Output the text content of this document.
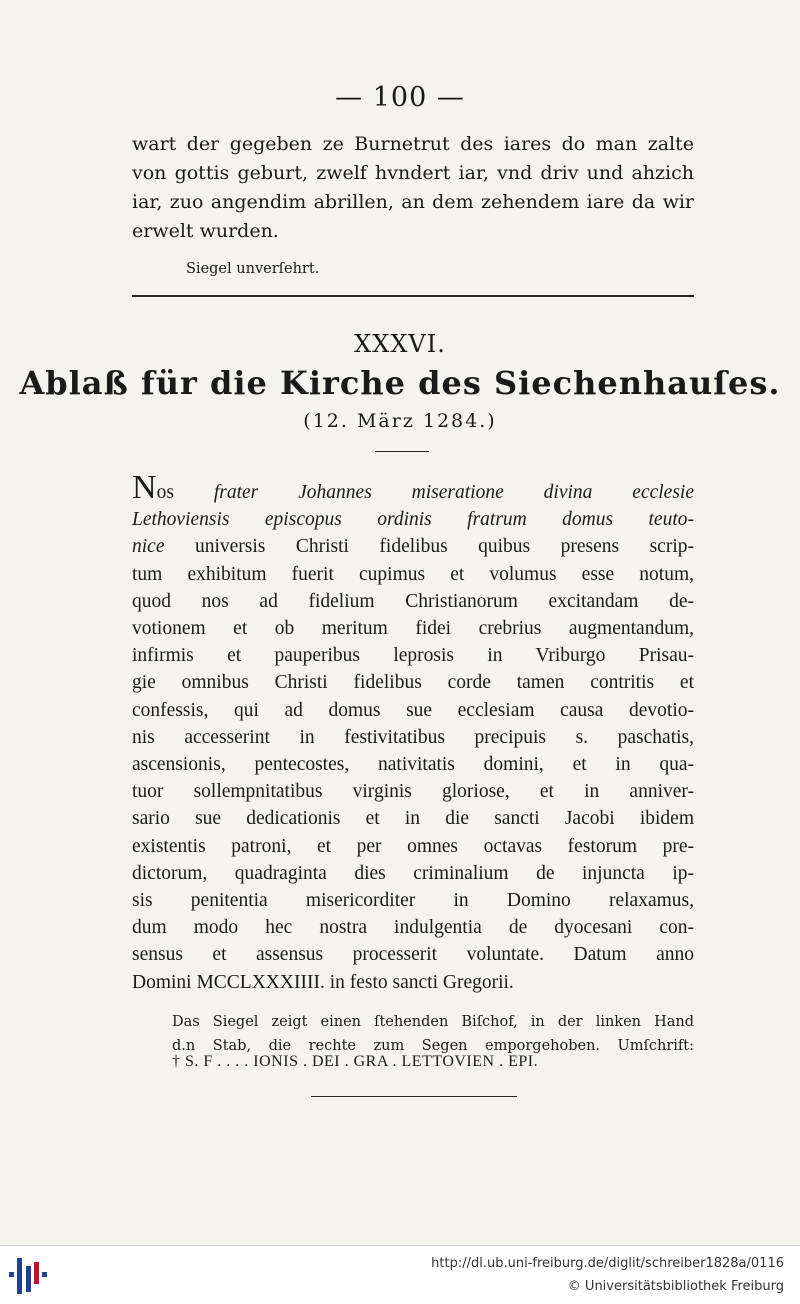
— 100 —
wart der gegeben ze Burnetrut des iares do man zalte
von gottis geburt, zwelf hvndert iar, vnd driv und ahzich
iar, zuo angendim abrillen, an dem zehendem iare da wir
erwelt wurden.
Siegel unverſehrt.
XXXVI.
Ablaß für die Kirche des Siechenhauſes.
(12. März 1284.)
Nos frater Johannes miseratione divina ecclesie
Lethoviensis episcopus ordinis fratrum domus teuto-
nice universis Christi fidelibus quibus presens scrip-
tum exhibitum fuerit cupimus et volumus esse notum,
quod nos ad fidelium Christianorum excitandam de-
votionem et ob meritum fidei crebrius augmentandum,
infirmis et pauperibus leprosis in Vriburgo Prisau-
gie omnibus Christi fidelibus corde tamen contritis et
confessis, qui ad domus sue ecclesiam causa devotio-
nis accesserint in festivitatibus precipuis s. paschatis,
ascensionis, pentecostes, nativitatis domini, et in qua-
tuor sollempnitatibus virginis gloriose, et in anniver-
sario sue dedicationis et in die sancti Jacobi ibidem
existentis patroni, et per omnes octavas festorum pre-
dictorum, quadraginta dies criminalium de injuncta ip-
sis penitentia misericorditer in Domino relaxamus,
dum modo hec nostra indulgentia de dyocesani con-
sensus et assensus processerit voluntate. Datum anno
Domini MCCLXXXIIII. in festo sancti Gregorii.
Das Siegel zeigt einen ſtehenden Biſchof, in der linken Hand
d.n Stab, die rechte zum Segen emporgehoben. Umſchrift:
† S. F . . . . IONIS . DEI . GRA . LETTOVIEN . EPI.
http://dl.ub.uni-freiburg.de/diglit/schreiber1828a/0116
© Universitätsbibliothek Freiburg
